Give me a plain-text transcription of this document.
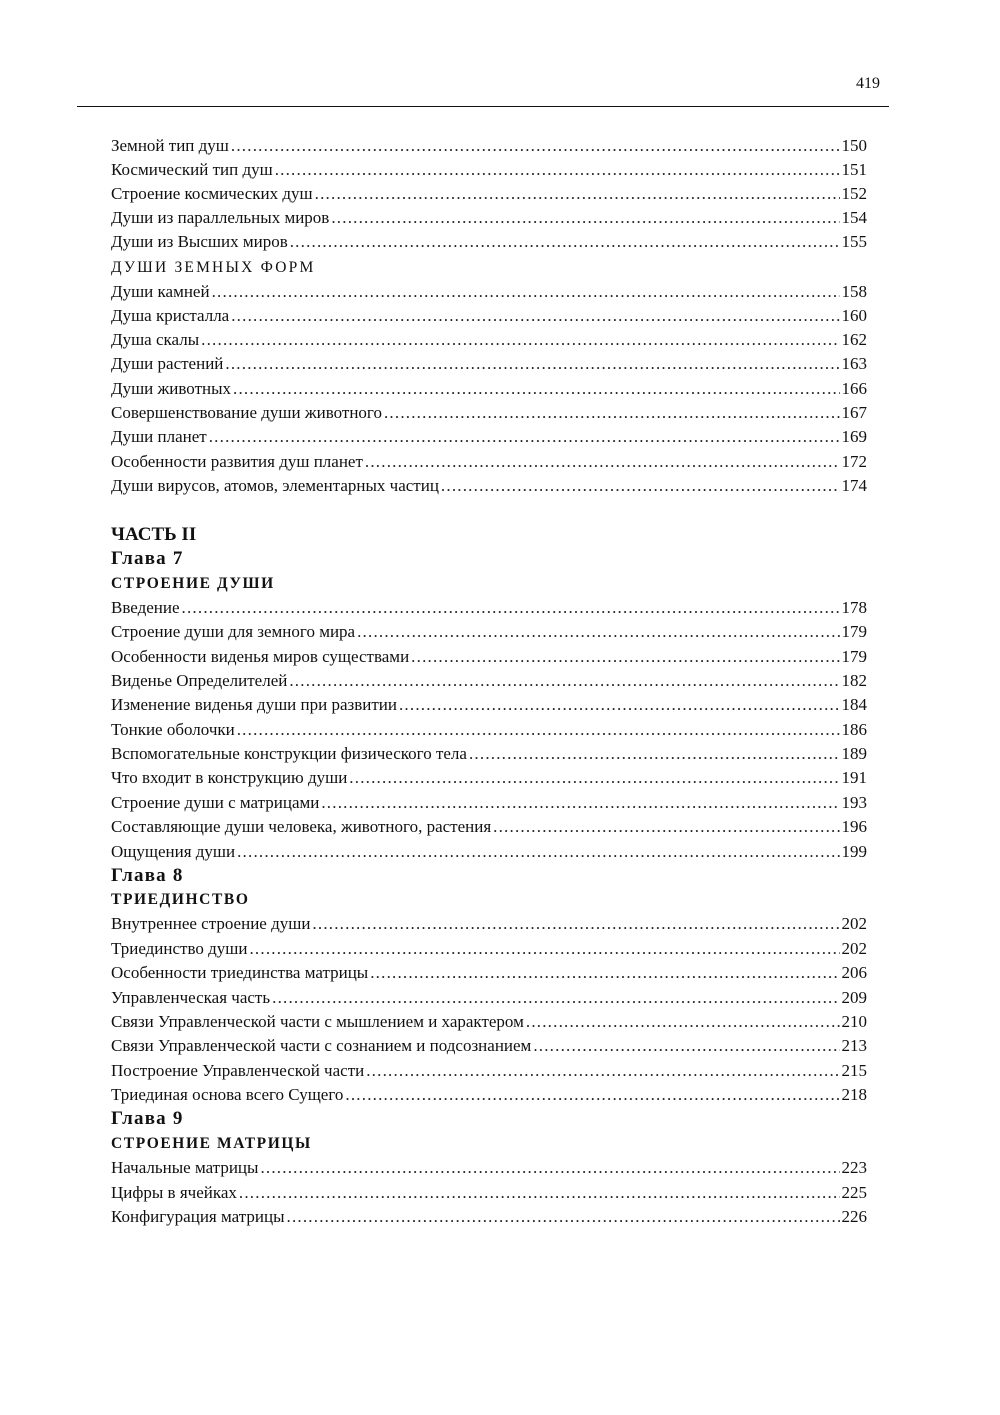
419
Земной тип душ .....	150
Космический тип душ .....	151
Строение космических душ .....	152
Души из параллельных миров .....	154
Души из Высших миров .....	155
ДУШИ ЗЕМНЫХ ФОРМ
Души камней .....	158
Душа кристалла .....	160
Душа скалы .....	162
Души растений .....	163
Души животных .....	166
Совершенствование души животного .....	167
Души планет .....	169
Особенности развития душ планет .....	172
Души вирусов, атомов, элементарных частиц .....	174
ЧАСТЬ II
Глава 7
СТРОЕНИЕ ДУШИ
Введение .....	178
Строение души для земного мира .....	179
Особенности виденья миров существами .....	179
Виденье Определителей .....	182
Изменение виденья души при развитии .....	184
Тонкие оболочки .....	186
Вспомогательные конструкции физического тела .....	189
Что входит в конструкцию души .....	191
Строение души с матрицами .....	193
Составляющие души человека, животного, растения .....	196
Ощущения души .....	199
Глава 8
ТРИЕДИНСТВО
Внутреннее строение души .....	202
Триединство души .....	202
Особенности триединства матрицы .....	206
Управленческая часть .....	209
Связи Управленческой части с мышлением и характером .....	210
Связи Управленческой части с сознанием и подсознанием .....	213
Построение Управленческой части .....	215
Триединая основа всего Сущего .....	218
Глава 9
СТРОЕНИЕ МАТРИЦЫ
Начальные матрицы .....	223
Цифры в ячейках .....	225
Конфигурация матрицы .....	226
